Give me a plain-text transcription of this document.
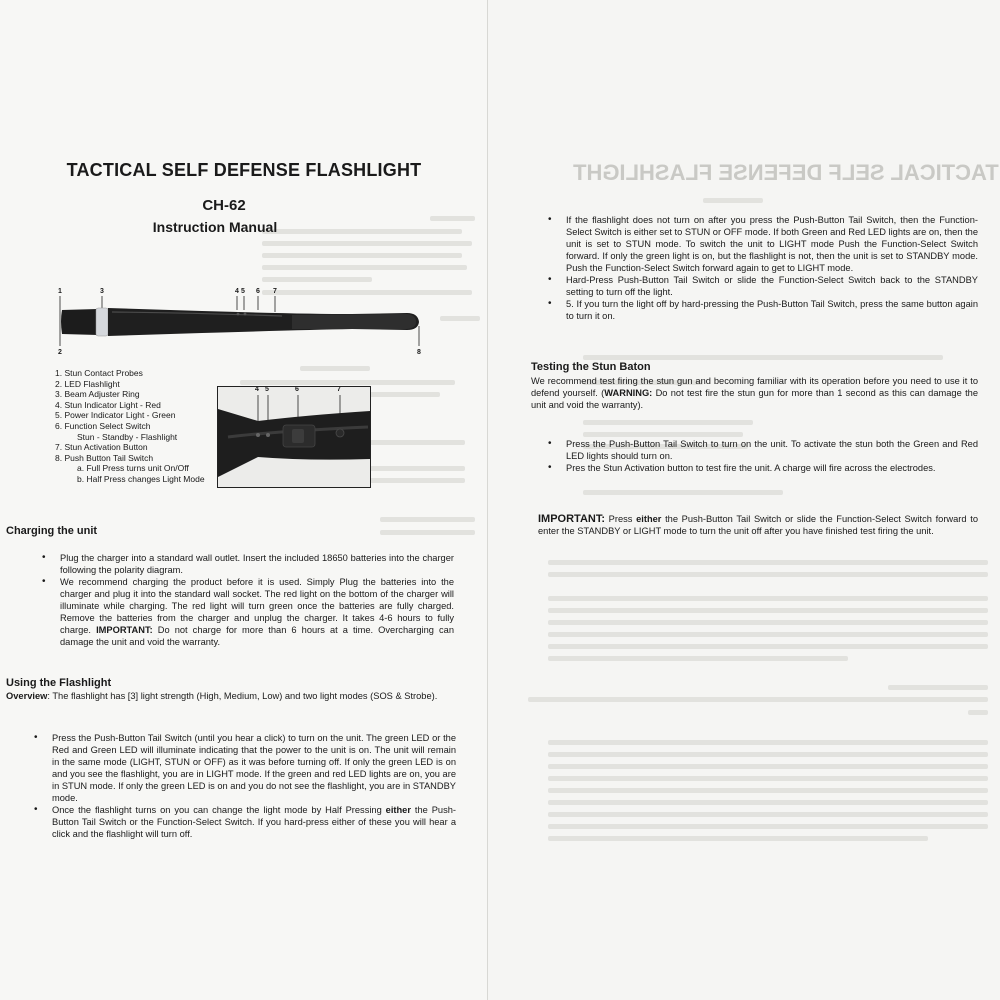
TACTICAL SELF DEFENSE FLASHLIGHT
CH-62
Instruction Manual
1	3	4 5 6 7
2	8
1. Stun Contact Probes
2. LED Flashlight
3. Beam Adjuster Ring
4. Stun Indicator Light - Red
5. Power Indicator Light - Green
6. Function Select Switch
Stun - Standby - Flashlight
7. Stun Activation Button
8. Push Button Tail Switch
a. Full Press turns unit On/Off
b. Half Press changes Light Mode
4 5	6	7
Charging the unit
• Plug the charger into a standard wall outlet. Insert the included 18650 batteries into the charger following the polarity diagram.
• We recommend charging the product before it is used. Simply Plug the batteries into the charger and plug it into the standard wall socket. The red light on the bottom of the charger will illuminate while charging. The red light will turn green once the batteries are fully charged. Remove the batteries from the charger and unplug the charger. It takes 4-6 hours to fully charge. IMPORTANT: Do not charge for more than 6 hours at a time. Overcharging can damage the unit and void the warranty.
Using the Flashlight
Overview: The flashlight has [3] light strength (High, Medium, Low) and two light modes (SOS & Strobe).
• Press the Push-Button Tail Switch (until you hear a click) to turn on the unit. The green LED or the Red and Green LED will illuminate indicating that the power to the unit is on. The unit will remain in the same mode (LIGHT, STUN or OFF) as it was before turning off. If only the green LED is on and you see the flashlight, you are in LIGHT mode. If the green and red LED lights are on, you are in STUN mode. If only the green LED is on and you do not see the flashlight, you are in STANDBY mode.
• Once the flashlight turns on you can change the light mode by Half Pressing either the Push-Button Tail Switch or the Function-Select Switch. If you hard-press either of these you will hear a click and the flashlight will turn off.
TACTICAL SELF DEFENSE FLASHLIGHT
• If the flashlight does not turn on after you press the Push-Button Tail Switch, then the Function-Select Switch is either set to STUN or OFF mode. If both Green and Red LED lights are on, then the unit is set to STUN mode. To switch the unit to LIGHT mode Push the Function-Select Switch forward. If only the green light is on, but the flashlight is not, then the unit is set to STANDBY mode. Push the Function-Select Switch forward again to get to LIGHT mode.
• Hard-Press Push-Button Tail Switch or slide the Function-Select Switch back to the STANDBY setting to turn off the light.
• 5. If you turn the light off by hard-pressing the Push-Button Tail Switch, press the same button again to turn it on.
Testing the Stun Baton
We recommend test firing the stun gun and becoming familiar with its operation before you need to use it to defend yourself. (WARNING: Do not test fire the stun gun for more than 1 second as this can damage the unit and void the warranty).
• Press the Push-Button Tail Switch to turn on the unit. To activate the stun both the Green and Red LED lights should turn on.
• Pres the Stun Activation button to test fire the unit. A charge will fire across the electrodes.
IMPORTANT: Press either the Push-Button Tail Switch or slide the Function-Select Switch forward to enter the STANDBY or LIGHT mode to turn the unit off after you have finished test firing the unit.
